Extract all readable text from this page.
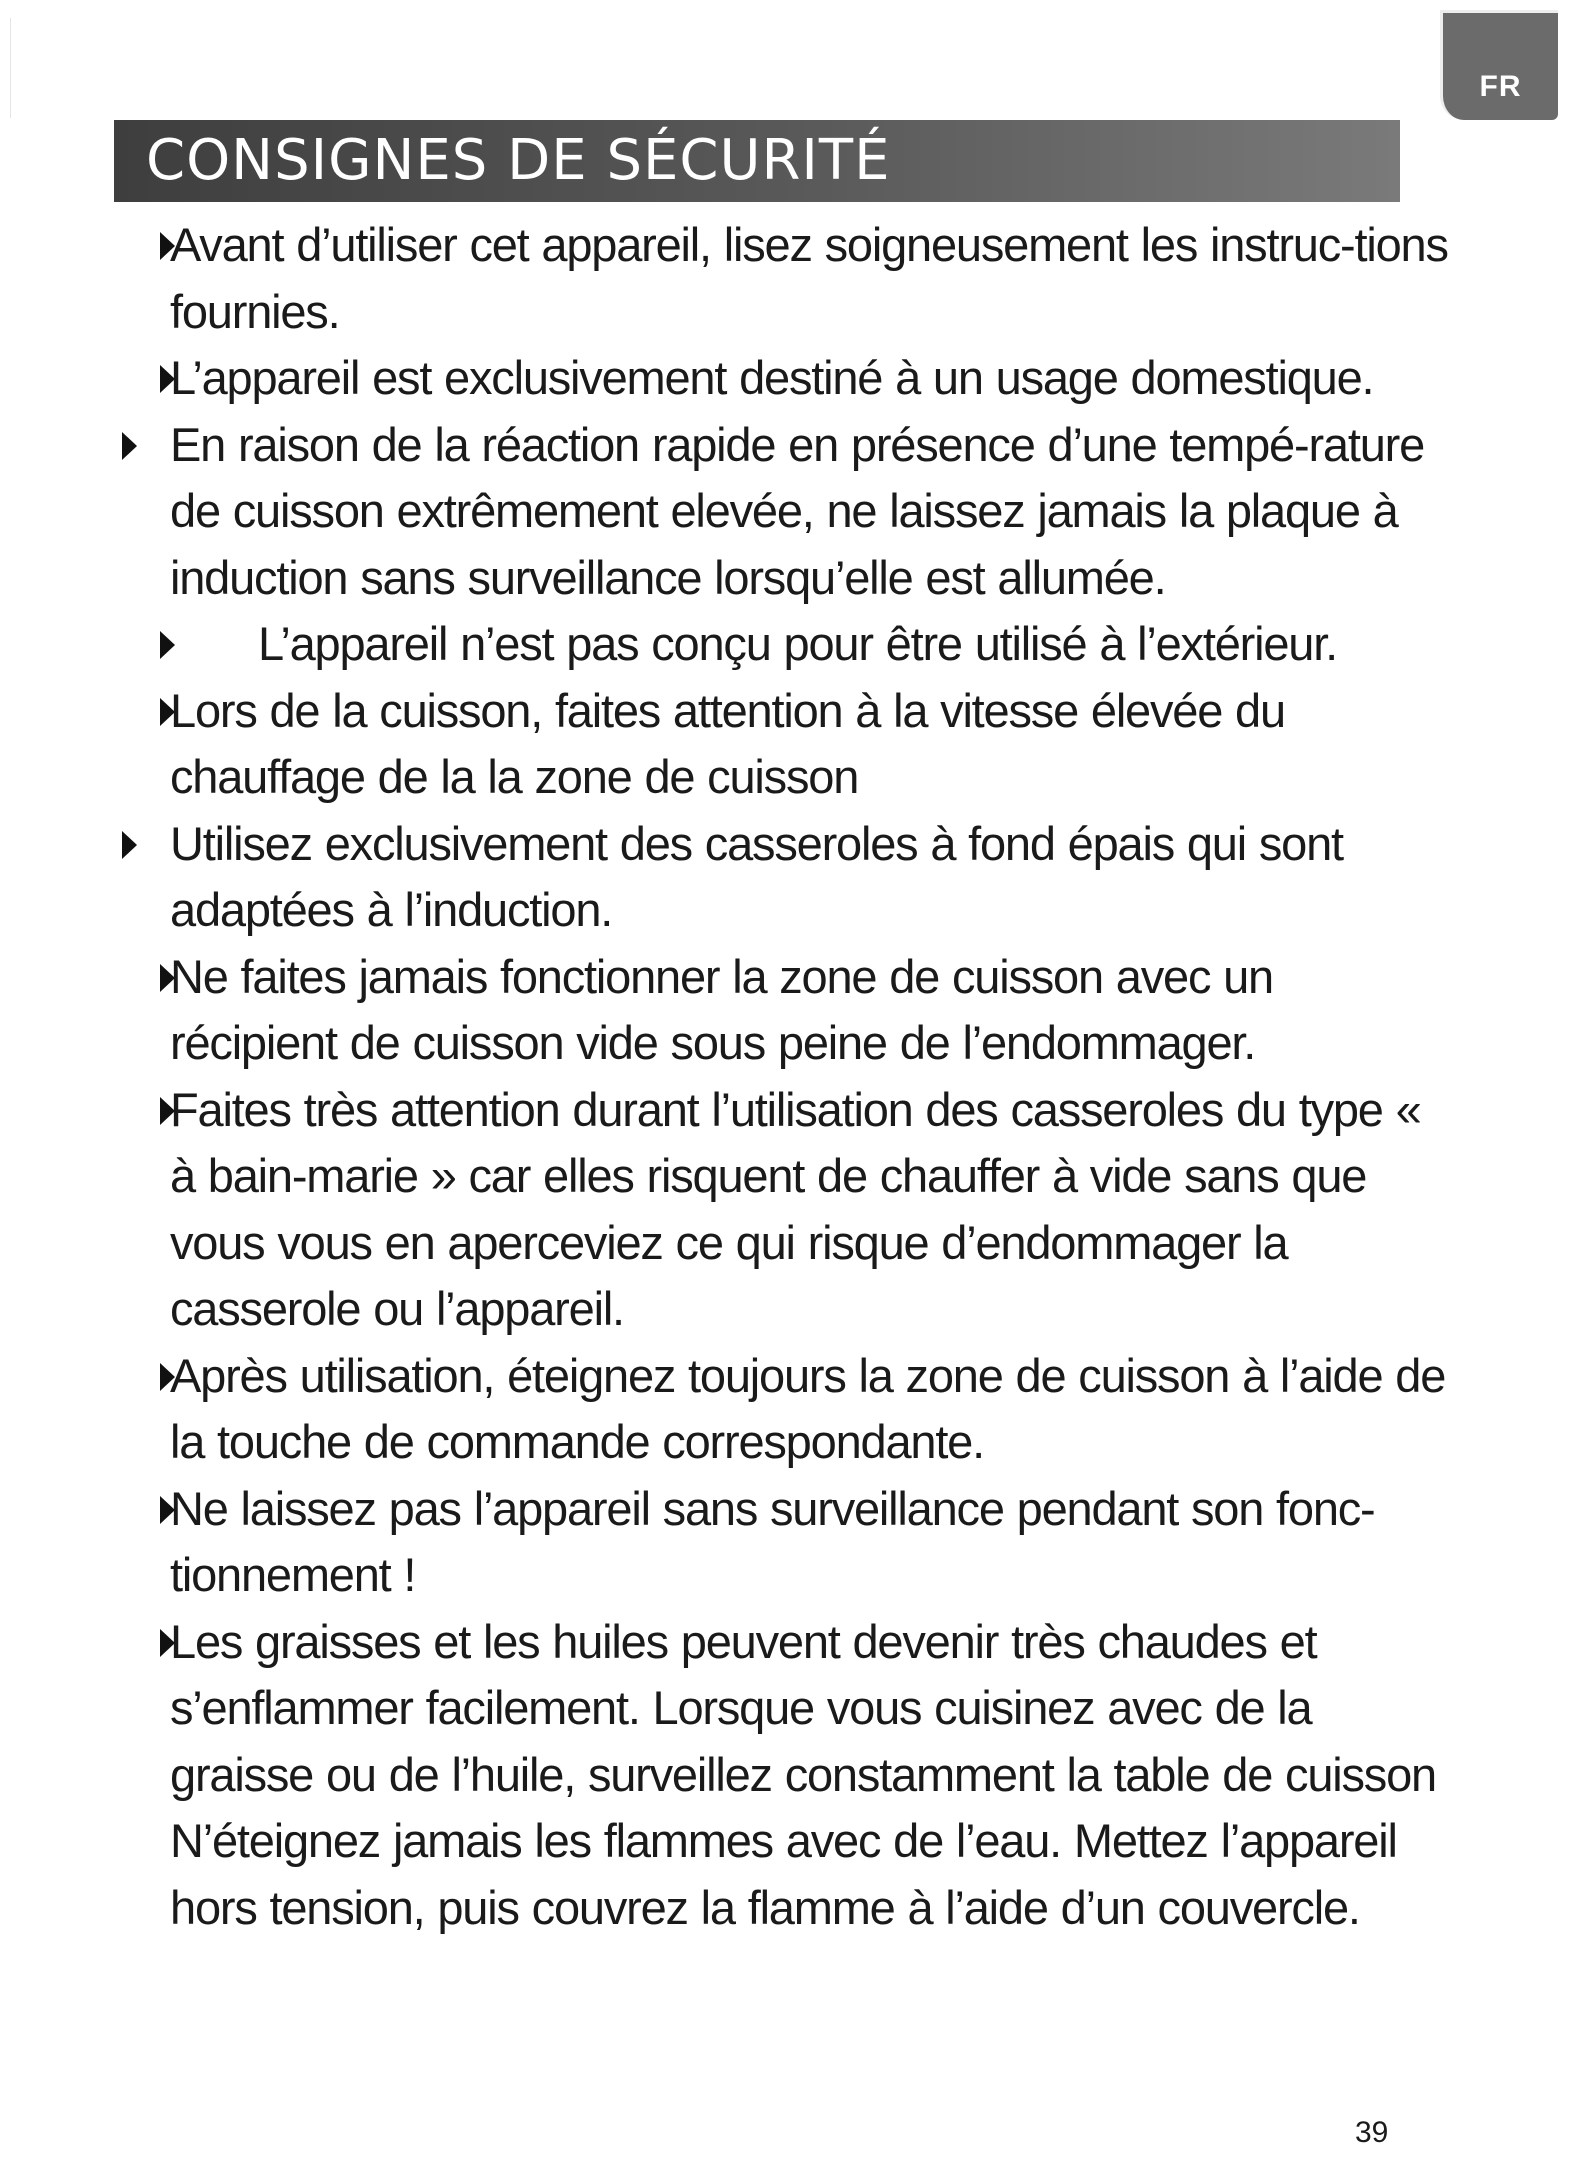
FR
CONSIGNES DE SÉCURITÉ
Avant d’utiliser cet appareil, lisez soigneusement les instruc-tions fournies.
L’appareil est exclusivement destiné à un usage domestique.
En raison de la réaction rapide en présence d’une tempé-rature de cuisson extrêmement elevée, ne laissez jamais la plaque à induction sans surveillance lorsqu’elle est allumée.
L’appareil n’est pas conçu pour être utilisé à l’extérieur.
Lors de la cuisson, faites attention à la vitesse élevée du chauffage de la la zone de cuisson
Utilisez exclusivement des casseroles à fond épais qui sont adaptées à l’induction.
Ne faites jamais fonctionner la zone de cuisson avec un récipient de cuisson vide sous peine de l’endommager.
Faites très attention durant l’utilisation des casseroles du type « à bain-marie » car elles risquent de chauffer à vide sans que vous vous en aperceviez ce qui risque d’endommager la casserole ou l’appareil.
Après utilisation, éteignez toujours la zone de cuisson à l’aide de la touche de commande correspondante.
Ne laissez pas l’appareil sans surveillance pendant son fonc-tionnement !
Les graisses et les huiles peuvent devenir très chaudes et s’enflammer facilement. Lorsque vous cuisinez avec de la graisse ou de l’huile, surveillez constamment la table de cuisson N’éteignez jamais les flammes avec de l’eau. Mettez l’appareil hors tension, puis couvrez la flamme à l’aide d’un couvercle.
39
